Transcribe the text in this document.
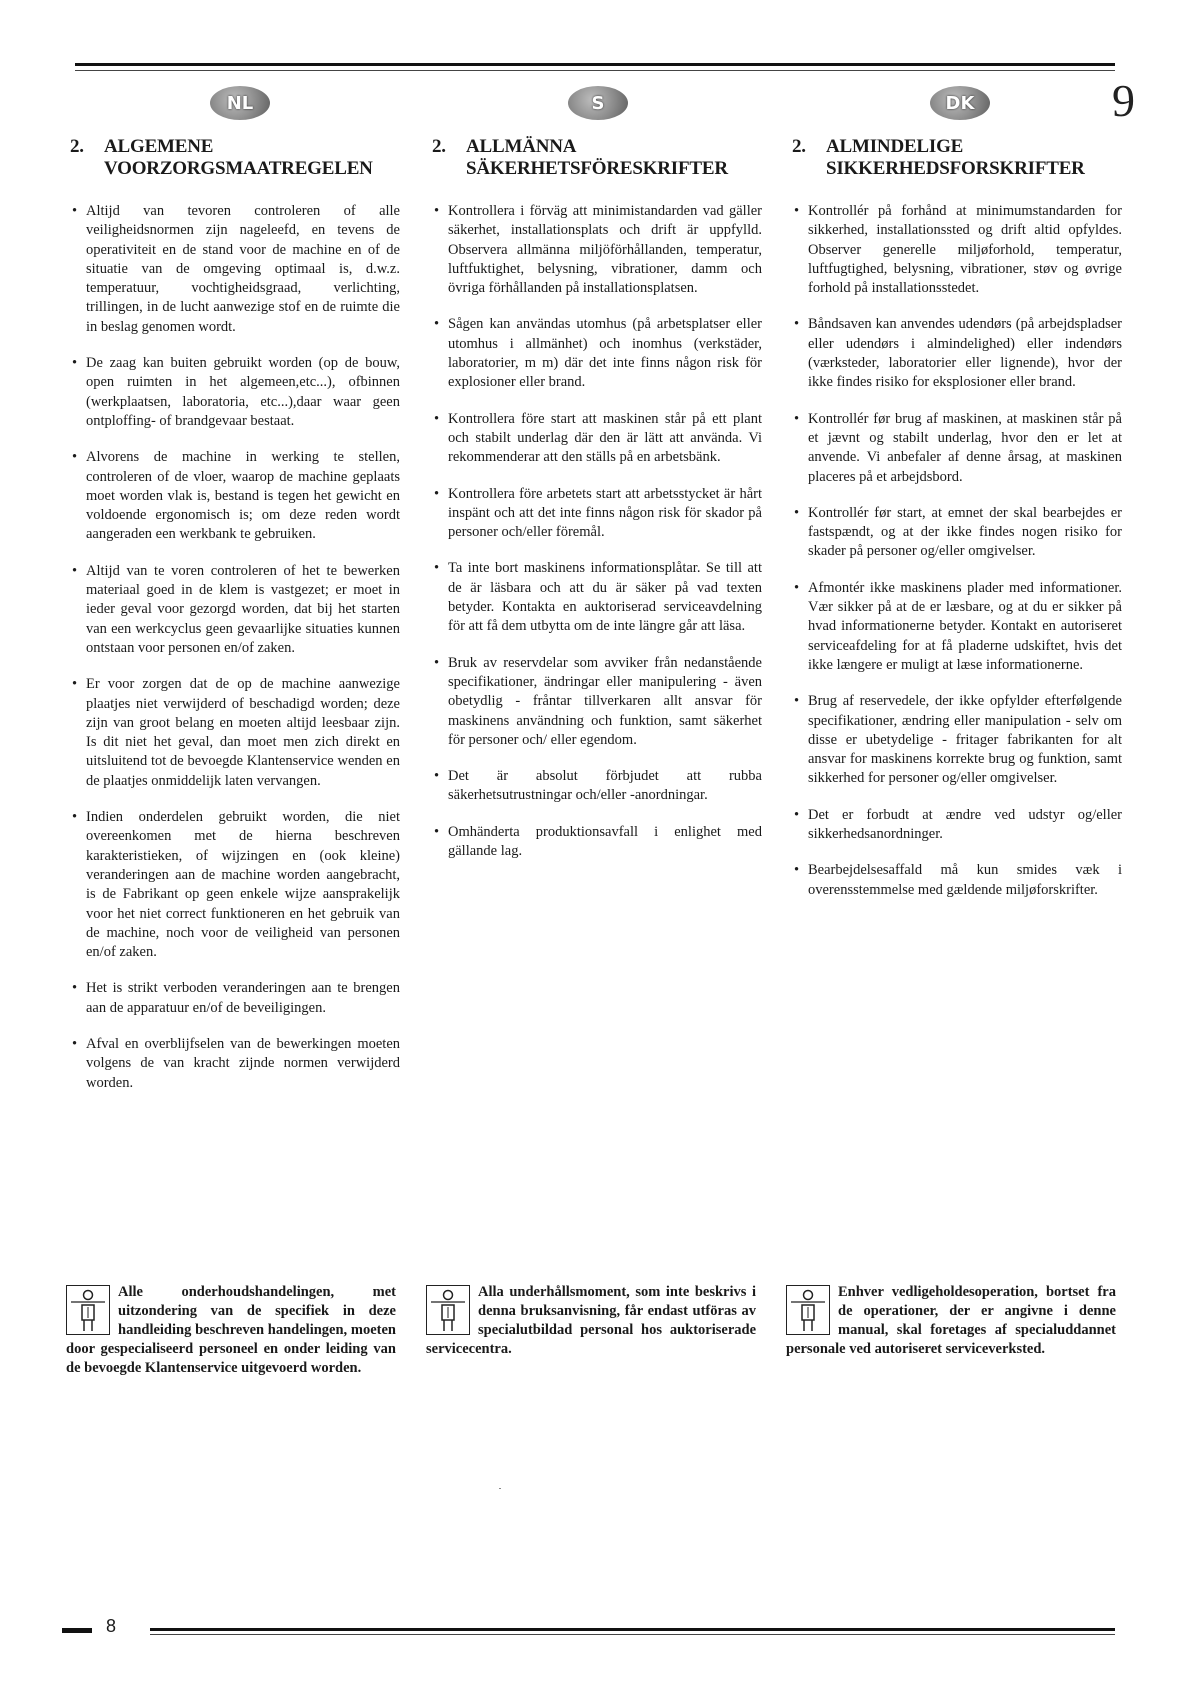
9
NL	S	DK
2. ALGEMENE
VOORZORGSMAATREGELEN
• Altijd van tevoren controleren of alle veiligheidsnormen zijn nageleefd, en tevens de operativiteit en de stand voor de machine en of de situatie van de omgeving optimaal is, d.w.z. temperatuur, vochtigheidsgraad, verlichting, trillingen, in de lucht aanwezige stof en de ruimte die in beslag genomen wordt.
• De zaag kan buiten gebruikt worden (op de bouw, open ruimten in het algemeen,etc...), ofbinnen (werkplaatsen, laboratoria, etc...),daar waar geen ontploffing- of brandgevaar bestaat.
• Alvorens de machine in werking te stellen, controleren of de vloer, waarop de machine geplaats moet worden vlak is, bestand is tegen het gewicht en voldoende ergonomisch is; om deze reden wordt aangeraden een werkbank te gebruiken.
• Altijd van te voren controleren of het te bewerken materiaal goed in de klem is vastgezet; er moet in ieder geval voor gezorgd worden, dat bij het starten van een werkcyclus geen gevaarlijke situaties kunnen ontstaan voor personen en/of zaken.
• Er voor zorgen dat de op de machine aanwezige plaatjes niet verwijderd of beschadigd worden; deze zijn van groot belang en moeten altijd leesbaar zijn. Is dit niet het geval, dan moet men zich direkt en uitsluitend tot de bevoegde Klantenservice wenden en de plaatjes onmiddelijk laten vervangen.
• Indien onderdelen gebruikt worden, die niet overeenkomen met de hierna beschreven karakteristieken, of wijzingen en (ook kleine) veranderingen aan de machine worden aangebracht, is de Fabrikant op geen enkele wijze aansprakelijk voor het niet correct funktioneren en het gebruik van de machine, noch voor de veiligheid van personen en/of zaken.
• Het is strikt verboden veranderingen aan te brengen aan de apparatuur en/of de beveiligingen.
• Afval en overblijfselen van de bewerkingen moeten volgens de van kracht zijnde normen verwijderd worden.
2. ALLMÄNNA
SÄKERHETSFÖRESKRIFTER
• Kontrollera i förväg att minimistandarden vad gäller säkerhet, installationsplats och drift är uppfylld. Observera allmänna miljöförhållanden, temperatur, luftfuktighet, belysning, vibrationer, damm och övriga förhållanden på installationsplatsen.
• Sågen kan användas utomhus (på arbetsplatser eller utomhus i allmänhet) och inomhus (verkstäder, laboratorier, m m) där det inte finns någon risk för explosioner eller brand.
• Kontrollera före start att maskinen står på ett plant och stabilt underlag där den är lätt att använda. Vi rekommenderar att den ställs på en arbetsbänk.
• Kontrollera före arbetets start att arbetsstycket är hårt inspänt och att det inte finns någon risk för skador på personer och/eller föremål.
• Ta inte bort maskinens informationsplåtar. Se till att de är läsbara och att du är säker på vad texten betyder. Kontakta en auktoriserad serviceavdelning för att få dem utbytta om de inte längre går att läsa.
• Bruk av reservdelar som avviker från nedanstående specifikationer, ändringar eller manipulering - även obetydlig - fråntar tillverkaren allt ansvar för maskinens användning och funktion, samt säkerhet för personer och/ eller egendom.
• Det är absolut förbjudet att rubba säkerhetsutrustningar och/eller -anordningar.
• Omhänderta produktionsavfall i enlighet med gällande lag.
2. ALMINDELIGE
SIKKERHEDSFORSKRIFTER
• Kontrollér på forhånd at minimumstandarden for sikkerhed, installationssted og drift altid opfyldes. Observer generelle miljøforhold, temperatur, luftfugtighed, belysning, vibrationer, støv og øvrige forhold på installationsstedet.
• Båndsaven kan anvendes udendørs (på arbejdspladser eller udendørs i almindelighed) eller indendørs (værksteder, laboratorier eller lignende), hvor der ikke findes risiko for eksplosioner eller brand.
• Kontrollér før brug af maskinen, at maskinen står på et jævnt og stabilt underlag, hvor den er let at anvende. Vi anbefaler af denne årsag, at maskinen placeres på et arbejdsbord.
• Kontrollér før start, at emnet der skal bearbejdes er fastspændt, og at der ikke findes nogen risiko for skader på personer og/eller omgivelser.
• Afmontér ikke maskinens plader med informationer. Vær sikker på at de er læsbare, og at du er sikker på hvad informationerne betyder. Kontakt en autoriseret serviceafdeling for at få pladerne udskiftet, hvis det ikke længere er muligt at læse informationerne.
• Brug af reservedele, der ikke opfylder efterfølgende specifikationer, ændring eller manipulation - selv om disse er ubetydelige - fritager fabrikanten for alt ansvar for maskinens korrekte brug og funktion, samt sikkerhed for personer og/eller omgivelser.
• Det er forbudt at ændre ved udstyr og/eller sikkerhedsanordninger.
• Bearbejdelsesaffald må kun smides væk i overensstemmelse med gældende miljøforskrifter.
Alle onderhoudshandelingen, met uitzondering van de specifiek in deze handleiding beschreven handelingen, moeten door gespecialiseerd personeel en onder leiding van de bevoegde Klantenservice uitgevoerd worden.
Alla underhållsmoment, som inte beskrivs i denna bruksanvisning, får endast utföras av specialutbildad personal hos auktoriserade servicecentra.
Enhver vedligeholdesoperation, bortset fra de operationer, der er angivne i denne manual, skal foretages af specialuddannet personale ved autoriseret serviceverksted.
8
